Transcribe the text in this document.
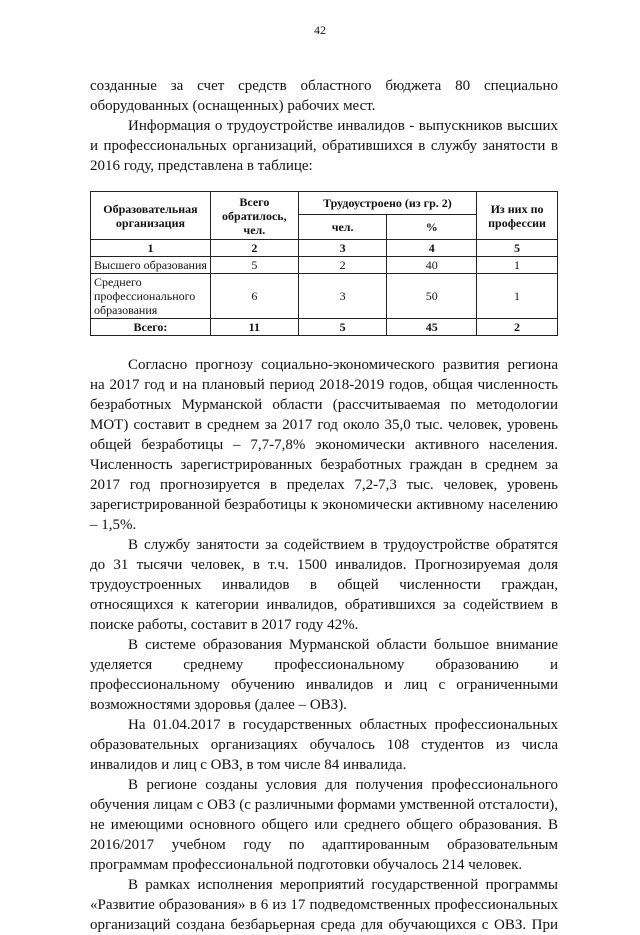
42

созданные за счет средств областного бюджета 80 специально оборудованных (оснащенных) рабочих мест.

Информация о трудоустройстве инвалидов - выпускников высших и профессиональных организаций, обратившихся в службу занятости в 2016 году, представлена в таблице:

Образовательная организация	Всего обратилось, чел.	Трудоустроено (из гр. 2)		Из них по профессии
		чел.	%	
1	2	3	4	5
Высшего образования	5	2	40	1
Среднего профессионального образования	6	3	50	1
Всего:	11	5	45	2

Согласно прогнозу социально-экономического развития региона на 2017 год и на плановый период 2018-2019 годов, общая численность безработных Мурманской области (рассчитываемая по методологии МОТ) составит в среднем за 2017 год около 35,0 тыс. человек, уровень общей безработицы – 7,7-7,8% экономически активного населения. Численность зарегистрированных безработных граждан в среднем за 2017 год прогнозируется в пределах 7,2-7,3 тыс. человек, уровень зарегистрированной безработицы к экономически активному населению – 1,5%.

В службу занятости за содействием в трудоустройстве обратятся до 31 тысячи человек, в т.ч. 1500 инвалидов. Прогнозируемая доля трудоустроенных инвалидов в общей численности граждан, относящихся к категории инвалидов, обратившихся за содействием в поиске работы, составит в 2017 году 42%.

В системе образования Мурманской области большое внимание уделяется среднему профессиональному образованию и профессиональному обучению инвалидов и лиц с ограниченными возможностями здоровья (далее – ОВЗ).

На 01.04.2017 в государственных областных профессиональных образовательных организациях обучалось 108 студентов из числа инвалидов и лиц с ОВЗ, в том числе 84 инвалида.

В регионе созданы условия для получения профессионального обучения лицам с ОВЗ (с различными формами умственной отсталости), не имеющими основного общего или среднего общего образования. В 2016/2017 учебном году по адаптированным образовательным программам профессиональной подготовки обучалось 214 человек.

В рамках исполнения мероприятий государственной программы «Развитие образования» в 6 из 17 подведомственных профессиональных организаций создана безбарьерная среда для обучающихся с ОВЗ. При
